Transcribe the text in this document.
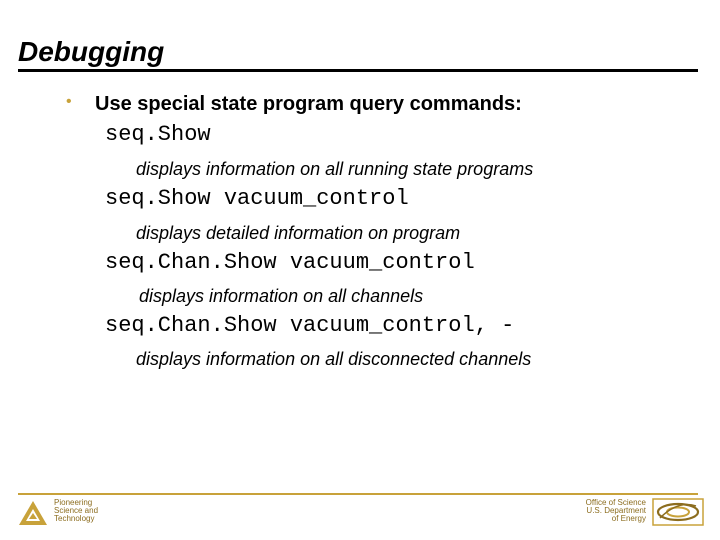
Debugging
• Use special state program query commands:
seq.Show
displays information on all running state programs
seq.Show vacuum_control
displays detailed information on program
seq.Chan.Show vacuum_control
displays information on all channels
seq.Chan.Show vacuum_control, -
displays information on all disconnected channels
Pioneering
Science and
Technology
Office of Science
U.S. Department
of Energy
